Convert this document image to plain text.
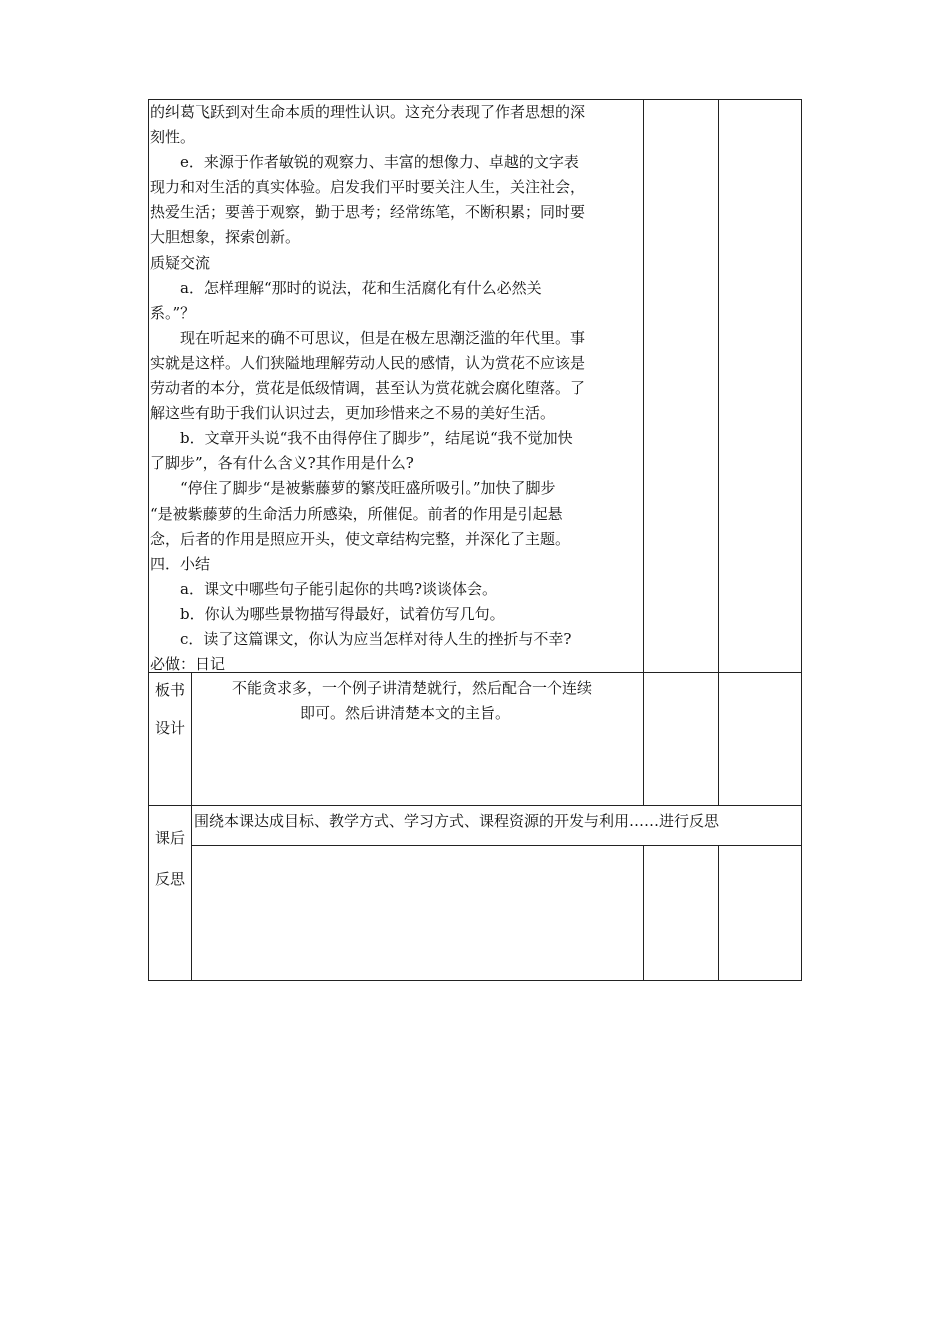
的纠葛飞跃到对生命本质的理性认识。这充分表现了作者思想的深
刻性。
e．来源于作者敏锐的观察力、丰富的想像力、卓越的文字表
现力和对生活的真实体验。启发我们平时要关注人生，关注社会，
热爱生活；要善于观察，勤于思考；经常练笔，不断积累；同时要
大胆想象，探索创新。
质疑交流
a．怎样理解“那时的说法，花和生活腐化有什么必然关
系。”？
现在听起来的确不可思议，但是在极左思潮泛滥的年代里。事
实就是这样。人们狭隘地理解劳动人民的感情，认为赏花不应该是
劳动者的本分，赏花是低级情调，甚至认为赏花就会腐化堕落。了
解这些有助于我们认识过去，更加珍惜来之不易的美好生活。
b．文章开头说“我不由得停住了脚步”，结尾说“我不觉加快
了脚步”，各有什么含义?其作用是什么?
“停住了脚步“是被紫藤萝的繁茂旺盛所吸引。”加快了脚步
“是被紫藤萝的生命活力所感染，所催促。前者的作用是引起悬
念，后者的作用是照应开头，使文章结构完整，并深化了主题。
四．小结
a．课文中哪些句子能引起你的共鸣?谈谈体会。
b．你认为哪些景物描写得最好，试着仿写几句。
c．读了这篇课文，你认为应当怎样对待人生的挫折与不幸?
必做：日记
板书
设计
不能贪求多，一个例子讲清楚就行，然后配合一个连续
即可。然后讲清楚本文的主旨。
课后
反思
围绕本课达成目标、教学方式、学习方式、课程资源的开发与利用……进行反思
